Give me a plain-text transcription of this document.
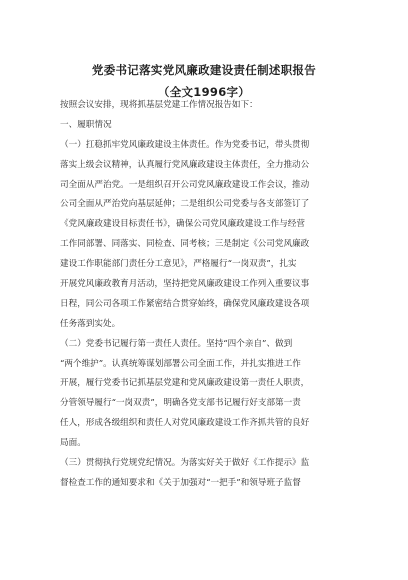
党委书记落实党风廉政建设责任制述职报告
（全文1996字）
按照会议安排，现将抓基层党建工作情况报告如下：
一、履职情况
（一）扛稳抓牢党风廉政建设主体责任。作为党委书记，带头贯彻
落实上级会议精神，认真履行党风廉政建设主体责任，全力推动公
司全面从严治党。一是组织召开公司党风廉政建设工作会议，推动
公司全面从严治党向基层延伸；二是组织公司党委与各支部签订了
《党风廉政建设目标责任书》，确保公司党风廉政建设工作与经营
工作同部署、同落实、同检查、同考核；三是制定《公司党风廉政
建设工作职能部门责任分工意见》，严格履行“一岗双责”，扎实
开展党风廉政教育月活动，坚持把党风廉政建设工作列入重要议事
日程，同公司各项工作紧密结合贯穿始终，确保党风廉政建设各项
任务落到实处。
（二）党委书记履行第一责任人责任。坚持“四个亲自”、做到
“两个维护”。认真统筹谋划部署公司全面工作，并扎实推进工作
开展，履行党委书记抓基层党建和党风廉政建设第一责任人职责，
分管领导履行“一岗双责”，明确各党支部书记履行好支部第一责
任人，形成各级组织和责任人对党风廉政建设工作齐抓共管的良好
局面。
（三）贯彻执行党规党纪情况。为落实好关于做好《工作提示》监
督检查工作的通知要求和《关于加强对“一把手”和领导班子监督
